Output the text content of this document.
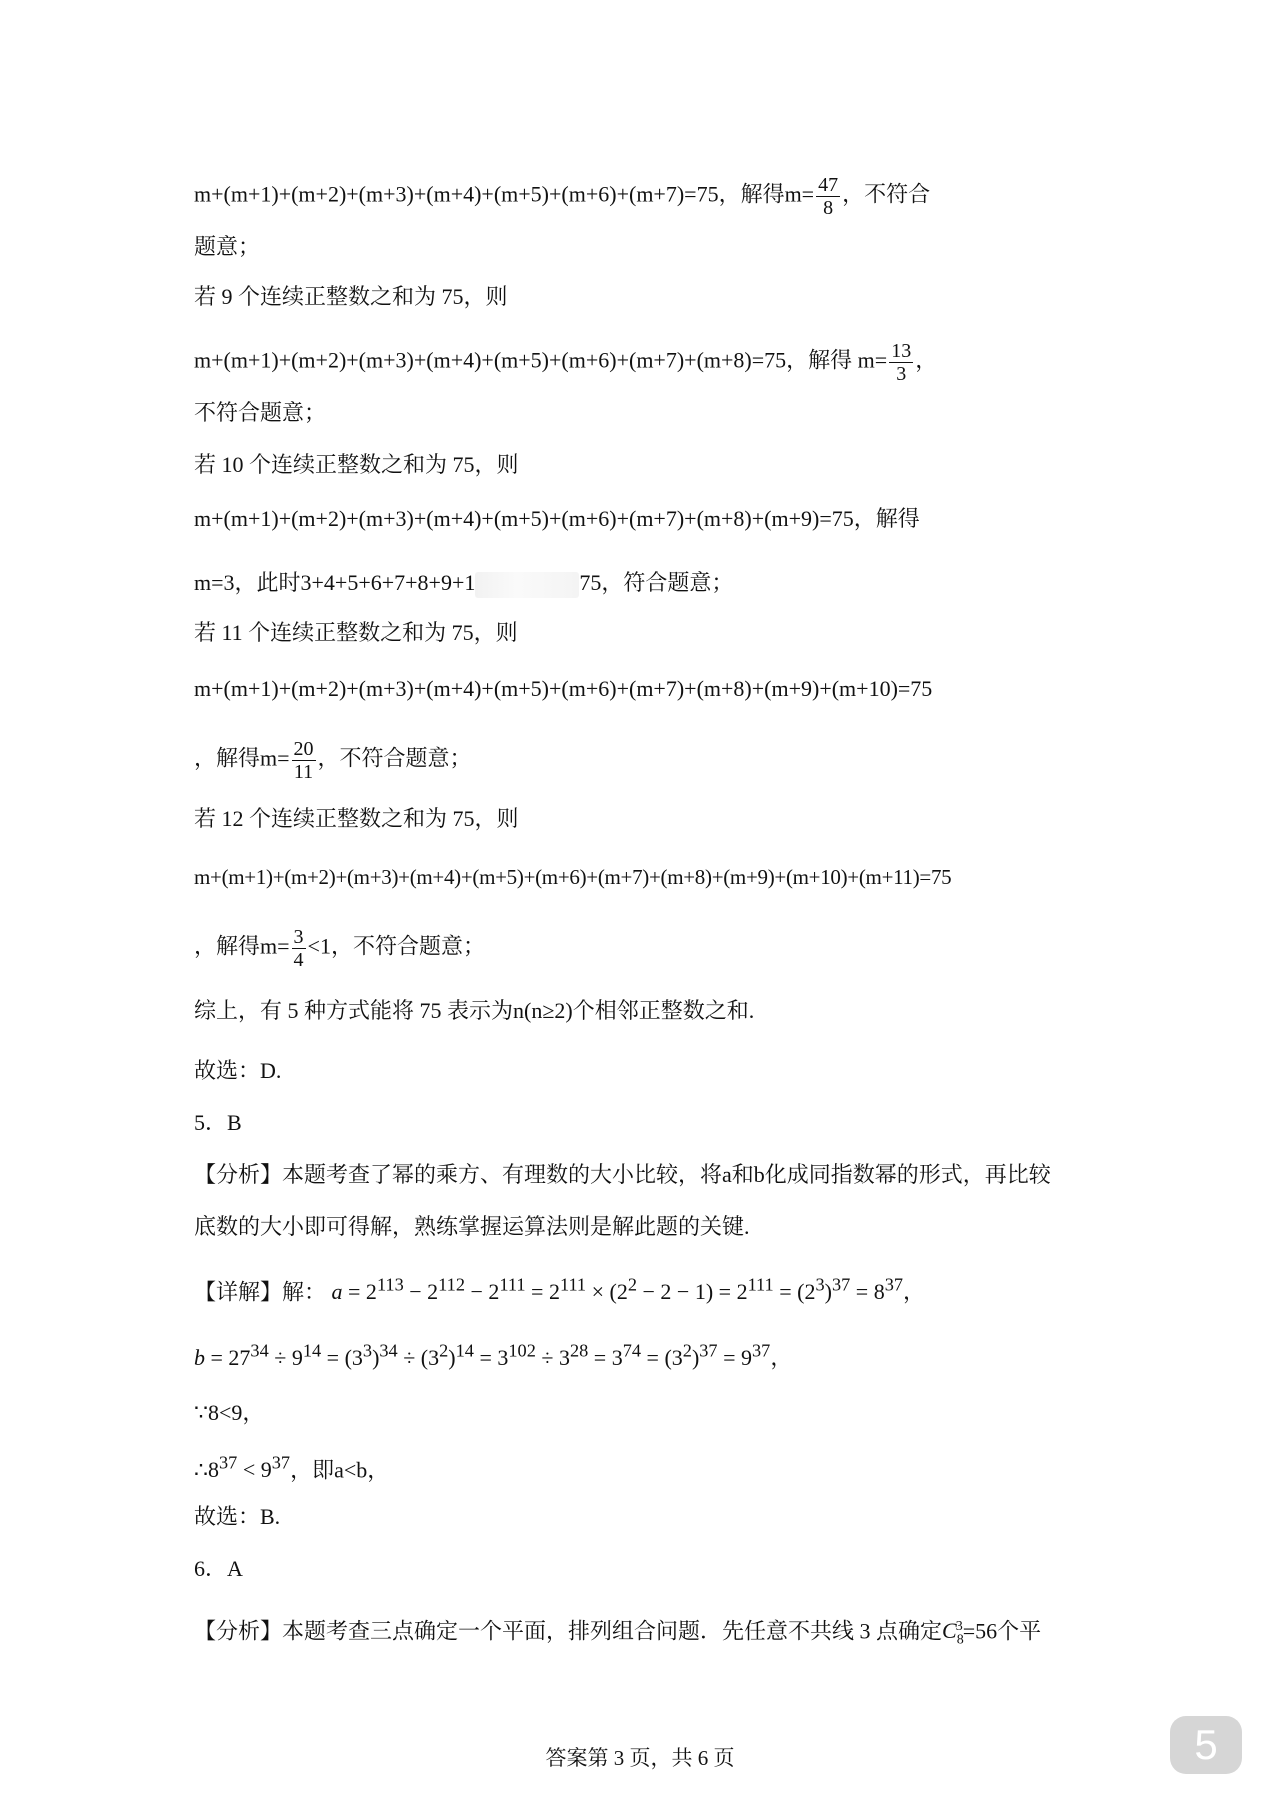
m+(m+1)+(m+2)+(m+3)+(m+4)+(m+5)+(m+6)+(m+7)=75，解得$m= \frac{47}{8}$ ，不符合
题意；
若 9 个连续正整数之和为 75，则
m+(m+1)+(m+2)+(m+3)+(m+4)+(m+5)+(m+6)+(m+7)+(m+8)=75，解得 $m= \frac{13}{3}$ ，
不符合题意；
若 10 个连续正整数之和为 75，则
m+(m+1)+(m+2)+(m+3)+(m+4)+(m+5)+(m+6)+(m+7)+(m+8)+(m+9)=75，解得
m=3，此时3+4+5+6+7+8+9+1	75，符合题意；
若 11 个连续正整数之和为 75，则
m+(m+1)+(m+2)+(m+3)+(m+4)+(m+5)+(m+6)+(m+7)+(m+8)+(m+9)+(m+10)=75
，解得$m= \frac{20}{11}$ ，不符合题意；
若 12 个连续正整数之和为 75，则
m+(m+1)+(m+2)+(m+3)+(m+4)+(m+5)+(m+6)+(m+7)+(m+8)+(m+9)+(m+10)+(m+11)=75
，解得$m= \frac{3}{4} <1$，不符合题意；
综上，有 5 种方式能将 75 表示为n(n≥2)个相邻正整数之和.
故选：D.
5．B
【分析】本题考查了幂的乘方、有理数的大小比较，将a和b化成同指数幂的形式，再比较
底数的大小即可得解，熟练掌握运算法则是解此题的关键.
【详解】解： $a = 2^{113} - 2^{112} - 2^{111} = 2^{111} \times (2^2 - 2 - 1) = 2^{111} = (2^3)^{37} = 8^{37}$，
$b = 27^{34} \div 9^{14} = (3^3)^{34} \div (3^2)^{14} = 3^{102} \div 3^{28} = 3^{74} = (3^2)^{37} = 9^{37}$，
∵8<9，
$\therefore 8^{37} < 9^{37}$，即a<b，
故选：B.
6．A
【分析】本题考查三点确定一个平面，排列组合问题．先任意不共线 3 点确定$C_8^3=56$个平
答案第 3 页，共 6 页	5
